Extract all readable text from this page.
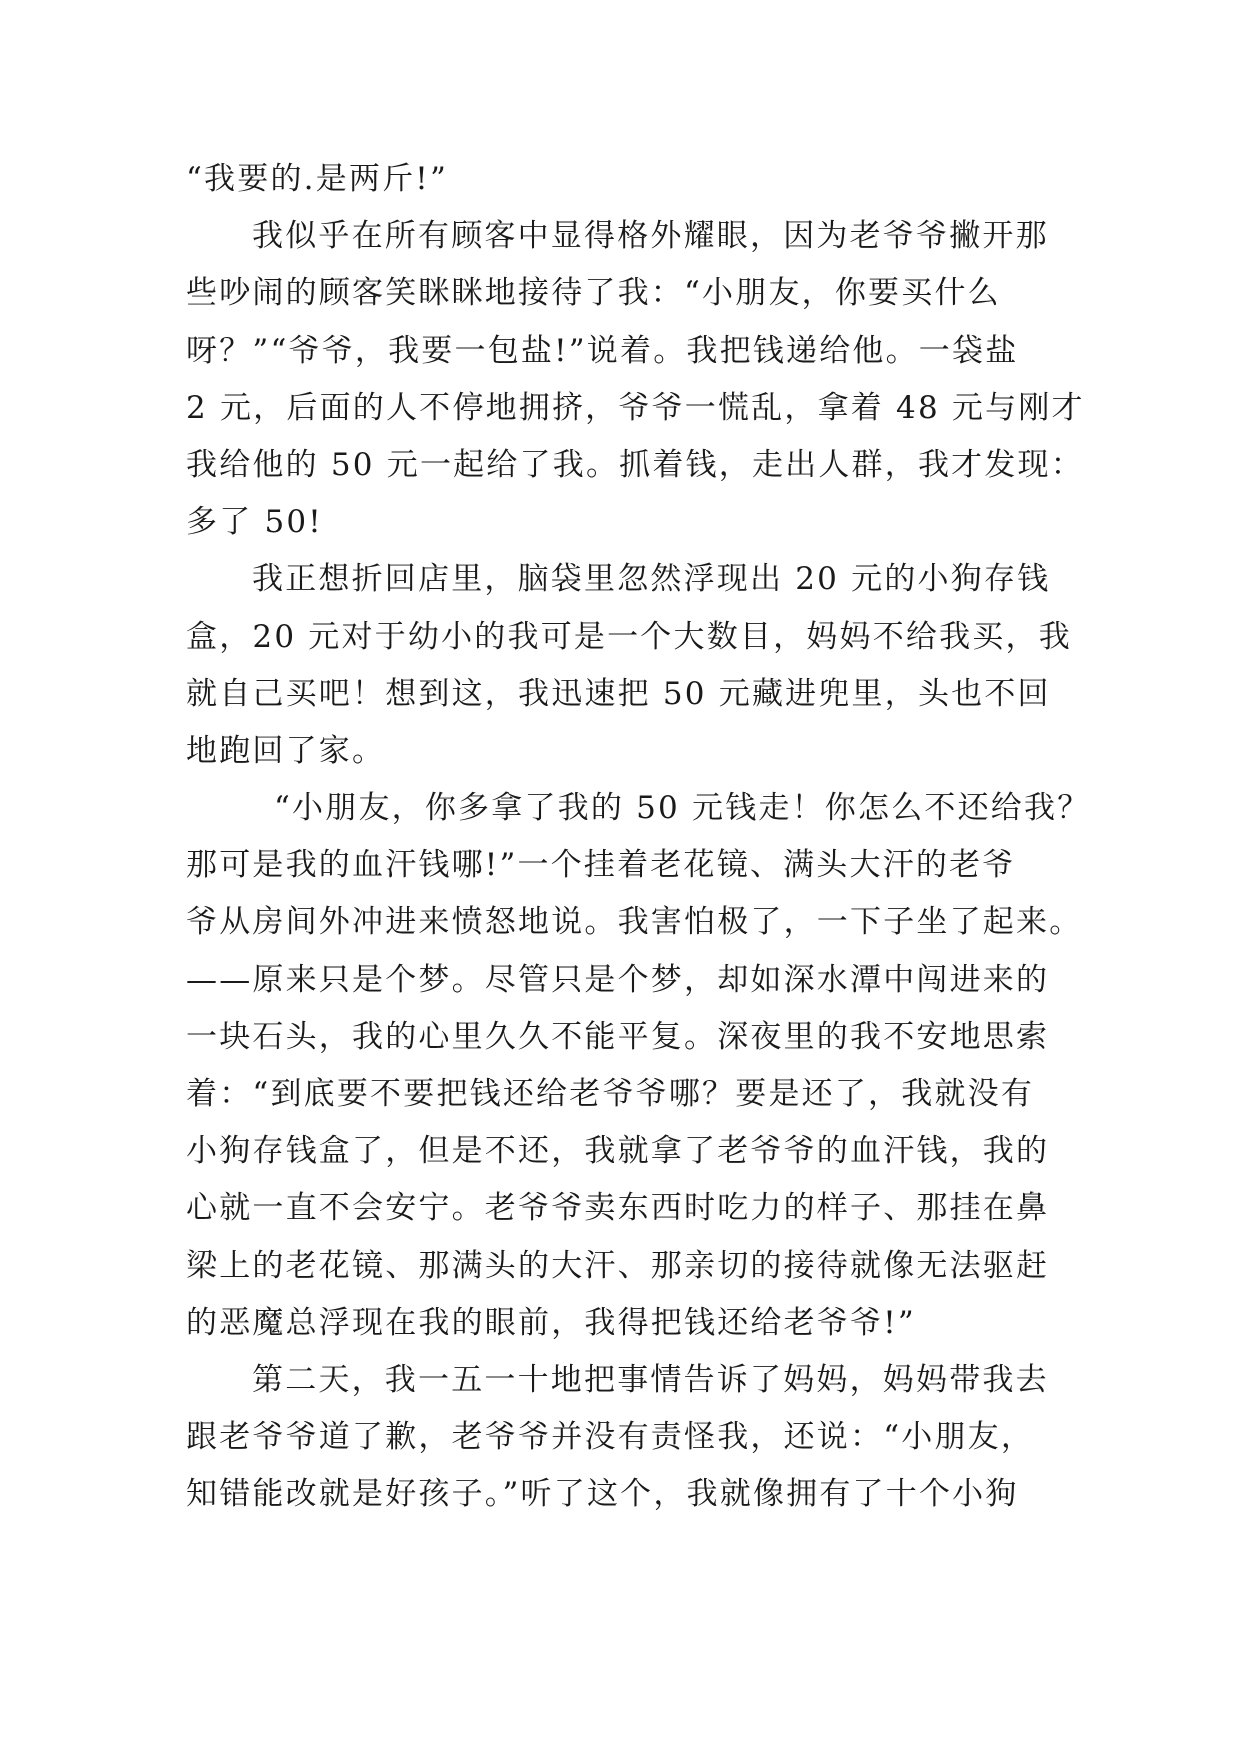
“我要的.是两斤!”
我似乎在所有顾客中显得格外耀眼，因为老爷爷撇开那
些吵闹的顾客笑眯眯地接待了我：“小朋友，你要买什么
呀？”“爷爷，我要一包盐!”说着。我把钱递给他。一袋盐
2 元，后面的人不停地拥挤，爷爷一慌乱，拿着 48 元与刚才
我给他的 50 元一起给了我。抓着钱，走出人群，我才发现：
多了 50!
我正想折回店里，脑袋里忽然浮现出 20 元的小狗存钱
盒，20 元对于幼小的我可是一个大数目，妈妈不给我买，我
就自己买吧！想到这，我迅速把 50 元藏进兜里，头也不回
地跑回了家。
“小朋友，你多拿了我的 50 元钱走！你怎么不还给我？
那可是我的血汗钱哪!”一个挂着老花镜、满头大汗的老爷
爷从房间外冲进来愤怒地说。我害怕极了，一下子坐了起来。
——原来只是个梦。尽管只是个梦，却如深水潭中闯进来的
一块石头，我的心里久久不能平复。深夜里的我不安地思索
着：“到底要不要把钱还给老爷爷哪？要是还了，我就没有
小狗存钱盒了，但是不还，我就拿了老爷爷的血汗钱，我的
心就一直不会安宁。老爷爷卖东西时吃力的样子、那挂在鼻
梁上的老花镜、那满头的大汗、那亲切的接待就像无法驱赶
的恶魔总浮现在我的眼前，我得把钱还给老爷爷!”
第二天，我一五一十地把事情告诉了妈妈，妈妈带我去
跟老爷爷道了歉，老爷爷并没有责怪我，还说：“小朋友，
知错能改就是好孩子。”听了这个，我就像拥有了十个小狗
